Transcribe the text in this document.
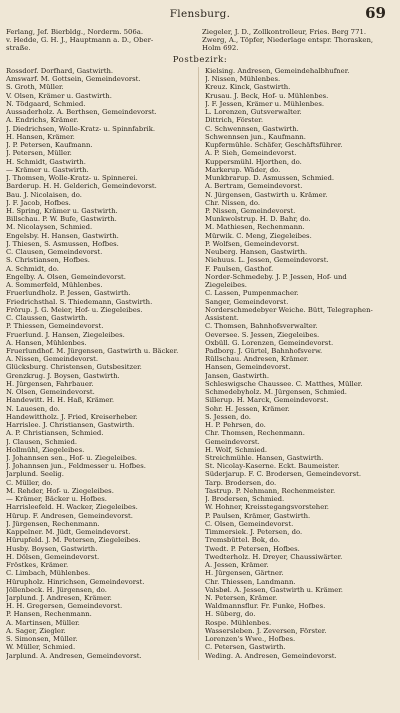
Flensburg.	69
Ferlang, Jef. Bierbldg., Norderm. 506a.
v. Hedde, G. H. J., Hauptmann a. D., Ober-
straße.
Ziegeler, J. D., Zollkontrolleur, Fries. Berg 771.
Zwerg, A., Töpfer, Niederlage entspr. Thorasken,
Holm 692.
Postbezirk:
Rossdorf. Dorfhard, Gastwirth.
Amswarf. M. Gottsein, Gemeindevorst.
S. Groth, Müller.
V. Olsen, Krämer u. Gastwirth.
N. Tödgaard, Schmied.
Aussaderholz. A. Berthsen, Gemeindevorst.
A. Endrichs, Krämer.
J. Diedrichsen, Wolle-Kratz- u. Spinnfabrik.
H. Hansen, Krämer.
J. P. Petersen, Kaufmann.
J. Petersen, Müller.
H. Schmidt, Gastwirth.
— Krämer u. Gastwirth.
J. Thomsen, Wolle-Kratz- u. Spinnerei.
Barderup. H. H. Gelderich, Gemeindevorst.
Bau. J. Nicolaisen, do.
J. F. Jacob, Hofbes.
H. Spring, Krämer u. Gastwirth.
Billschau. P. W. Bufe, Gastwirth.
M. Nicolaysen, Schmied.
Engelsby. H. Hansen, Gastwirth.
J. Thiesen, S. Asmussen, Hofbes.
C. Clausen, Gemeindevorst.
S. Christiansen, Hofbes.
A. Schmidt, do.
Engelby. A. Olsen, Gemeindevorst.
A. Sommerfeld, Mühlenbes.
Fruerlundholz. P. Jessen, Gastwirth.
Friedrichsthal. S. Thiedemann, Gastwirth.
Frörup. J. G. Meier, Hof- u. Ziegeleibes.
C. Claussen, Gastwirth.
P. Thiessen, Gemeindevorst.
Fruerlund. J. Hansen, Ziegeleibes.
A. Hansen, Mühlenbes.
Fruerlundhof. M. Jürgensen, Gastwirth u. Bäcker.
A. Nissen, Gemeindevorst.
Glücksburg. Christensen, Gutsbesitzer.
Grenzkrug. J. Boysen, Gastwirth.
H. Jürgensen, Fahrbauer.
N. Olsen, Gemeindevorst.
Handewitt. H. H. Haß, Krämer.
N. Lauesen, do.
Handewittholz. J. Fried, Kreiserheber.
Harrislee. J. Christiansen, Gastwirth.
A. P. Christiansen, Schmied.
J. Clausen, Schmied.
Hollmühl, Ziegeleibes.
J. Johannsen sen., Hof- u. Ziegeleibes.
J. Johannsen jun., Feldmesser u. Hofbes.
Jarplund. Seelig.
C. Müller, do.
M. Rehder, Hof- u. Ziegeleibes.
— Krämer, Bäcker u. Hofbes.
Harrisleefeld. H. Wacker, Ziegeleibes.
Hürup. F. Andresen, Gemeindevorst.
J. Jürgensen, Rechenmann.
Kappelner. M. Jüdt, Gemeindevorst.
Hürupfeld. J. M. Petersen, Ziegeleibes.
Husby. Boysen, Gastwirth.
H. Dölsen, Gemeindevorst.
Fröstkes, Krämer.
C. Limbach, Mühlenbes.
Hürupholz. Hinrichsen, Gemeindevorst.
Jöllenbeck. H. Jürgensen, do.
Jarplund. J. Andresen, Krämer.
H. H. Gregersen, Gemeindevorst.
P. Hansen, Rechenmann.
A. Martinsen, Müller.
A. Sager, Ziegler.
S. Simonsen, Müller.
W. Müller, Schmied.
Jarplund. A. Andresen, Gemeindevorst.
Kielsing. Andresen, Gemeindehalbhufner.
J. Nissen, Mühlenbes.
Kreuz. Kinck, Gastwirth.
Krusau. J. Beck, Hof- u. Mühlenbes.
J. F. Jessen, Krämer u. Mühlenbes.
L. Lorenzen, Gutsverwalter.
Dittrich, Förster.
C. Schwennsen, Gastwirth.
Schwennsen jun., Kaufmann.
Kupfermühle. Schäfer, Geschäftsführer.
A. P. Sieh, Gemeindevorst.
Kuppersmühl. Hjorthen, do.
Markerup. Wäder, do.
Munkbrarup. D. Asmussen, Schmied.
A. Bertram, Gemeindevorst.
N. Jürgensen, Gastwirth u. Krämer.
Chr. Nissen, do.
P. Nissen, Gemeindevorst.
Munkwolstrup. H. D. Bahr, do.
M. Mathiesen, Rechenmann.
Mürwik. C. Meng, Ziegeleibes.
P. Wolfsen, Gemeindevorst.
Neuberg. Hansen, Gastwirth.
Niehuus. L. Jessen, Gemeindevorst.
F. Paulsen, Gasthof.
Norder-Schmedeby. J. P. Jessen, Hof- und
Ziegeleibes.
C. Lassen, Pumpenmacher.
Sanger, Gemeindevorst.
Norderschmedebyer Weiche. Bütt, Telegraphen-
Assistent.
C. Thomsen, Bahnhofsverwalter.
Oeversee. S. Jessen, Ziegeleibes.
Oxbüll. G. Lorenzen, Gemeindevorst.
Padborg. J. Gürtel, Bahnhofsverw.
Rüllschau. Andresen, Krämer.
Hansen, Gemeindevorst.
Jansen, Gastwirth.
Schleswigsche Chaussee. C. Matthes, Müller.
Schmedebyholz. M. Jürgensen, Schmied.
Sillerup. H. Marck, Gemeindevorst.
Sohr. H. Jessen, Krämer.
S. Jessen, do.
H. P. Pehrsen, do.
Chr. Thomsen, Rechenmann.
Gemeindevorst.
H. Wolf, Schmied.
Streichmühle. Hansen, Gastwirth.
St. Nicolay-Kaserne. Eckt. Baumeister.
Süderjarup. F. C. Brodersen, Gemeindevorst.
Tarp. Brodersen, do.
Tastrup. P. Nehmann, Rechenmeister.
J. Brodersen, Schmied.
W. Hohner, Kreisstegangsvorsteher.
P. Paulsen, Krämer, Gastwirth.
C. Olsen, Gemeindevorst.
Timmersiek. J. Petersen, do.
Tremsbüttel. Bok, do.
Twedt. P. Petersen, Hofbes.
Twedterholz. H. Dreyer, Chaussiwärter.
A. Jessen, Krämer.
H. Jürgensen, Gärtner.
Chr. Thiessen, Landmann.
Valsbøl. A. Jessen, Gastwirth u. Krämer.
N. Petersen, Krämer.
Waldmannsflur. Fr. Funke, Hofbes.
H. Süberg, do.
Rospe. Mühlenbes.
Wassersleben. J. Zeversen, Förster.
Lorenzen's Wwe., Hofbes.
C. Petersen, Gastwirth.
Weding. A. Andresen, Gemeindevorst.
